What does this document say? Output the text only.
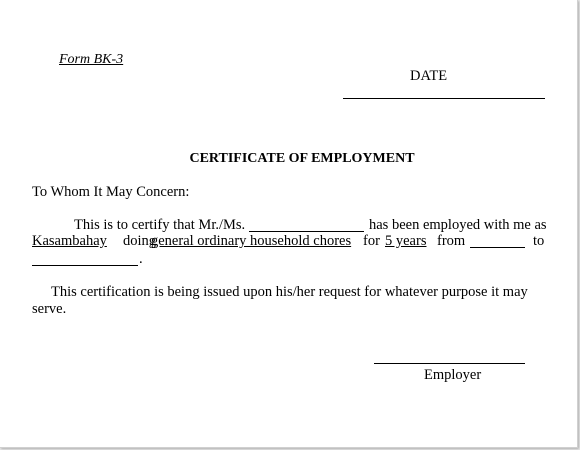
Form BK-3
DATE
CERTIFICATE OF EMPLOYMENT
To Whom It May Concern:
This is to certify that Mr./Ms.	has been employed with me as
Kasambahay doing
general ordinary household chores for 5 years from	to
.
This certification is being issued upon his/her request for whatever purpose it may
serve.
Employer
